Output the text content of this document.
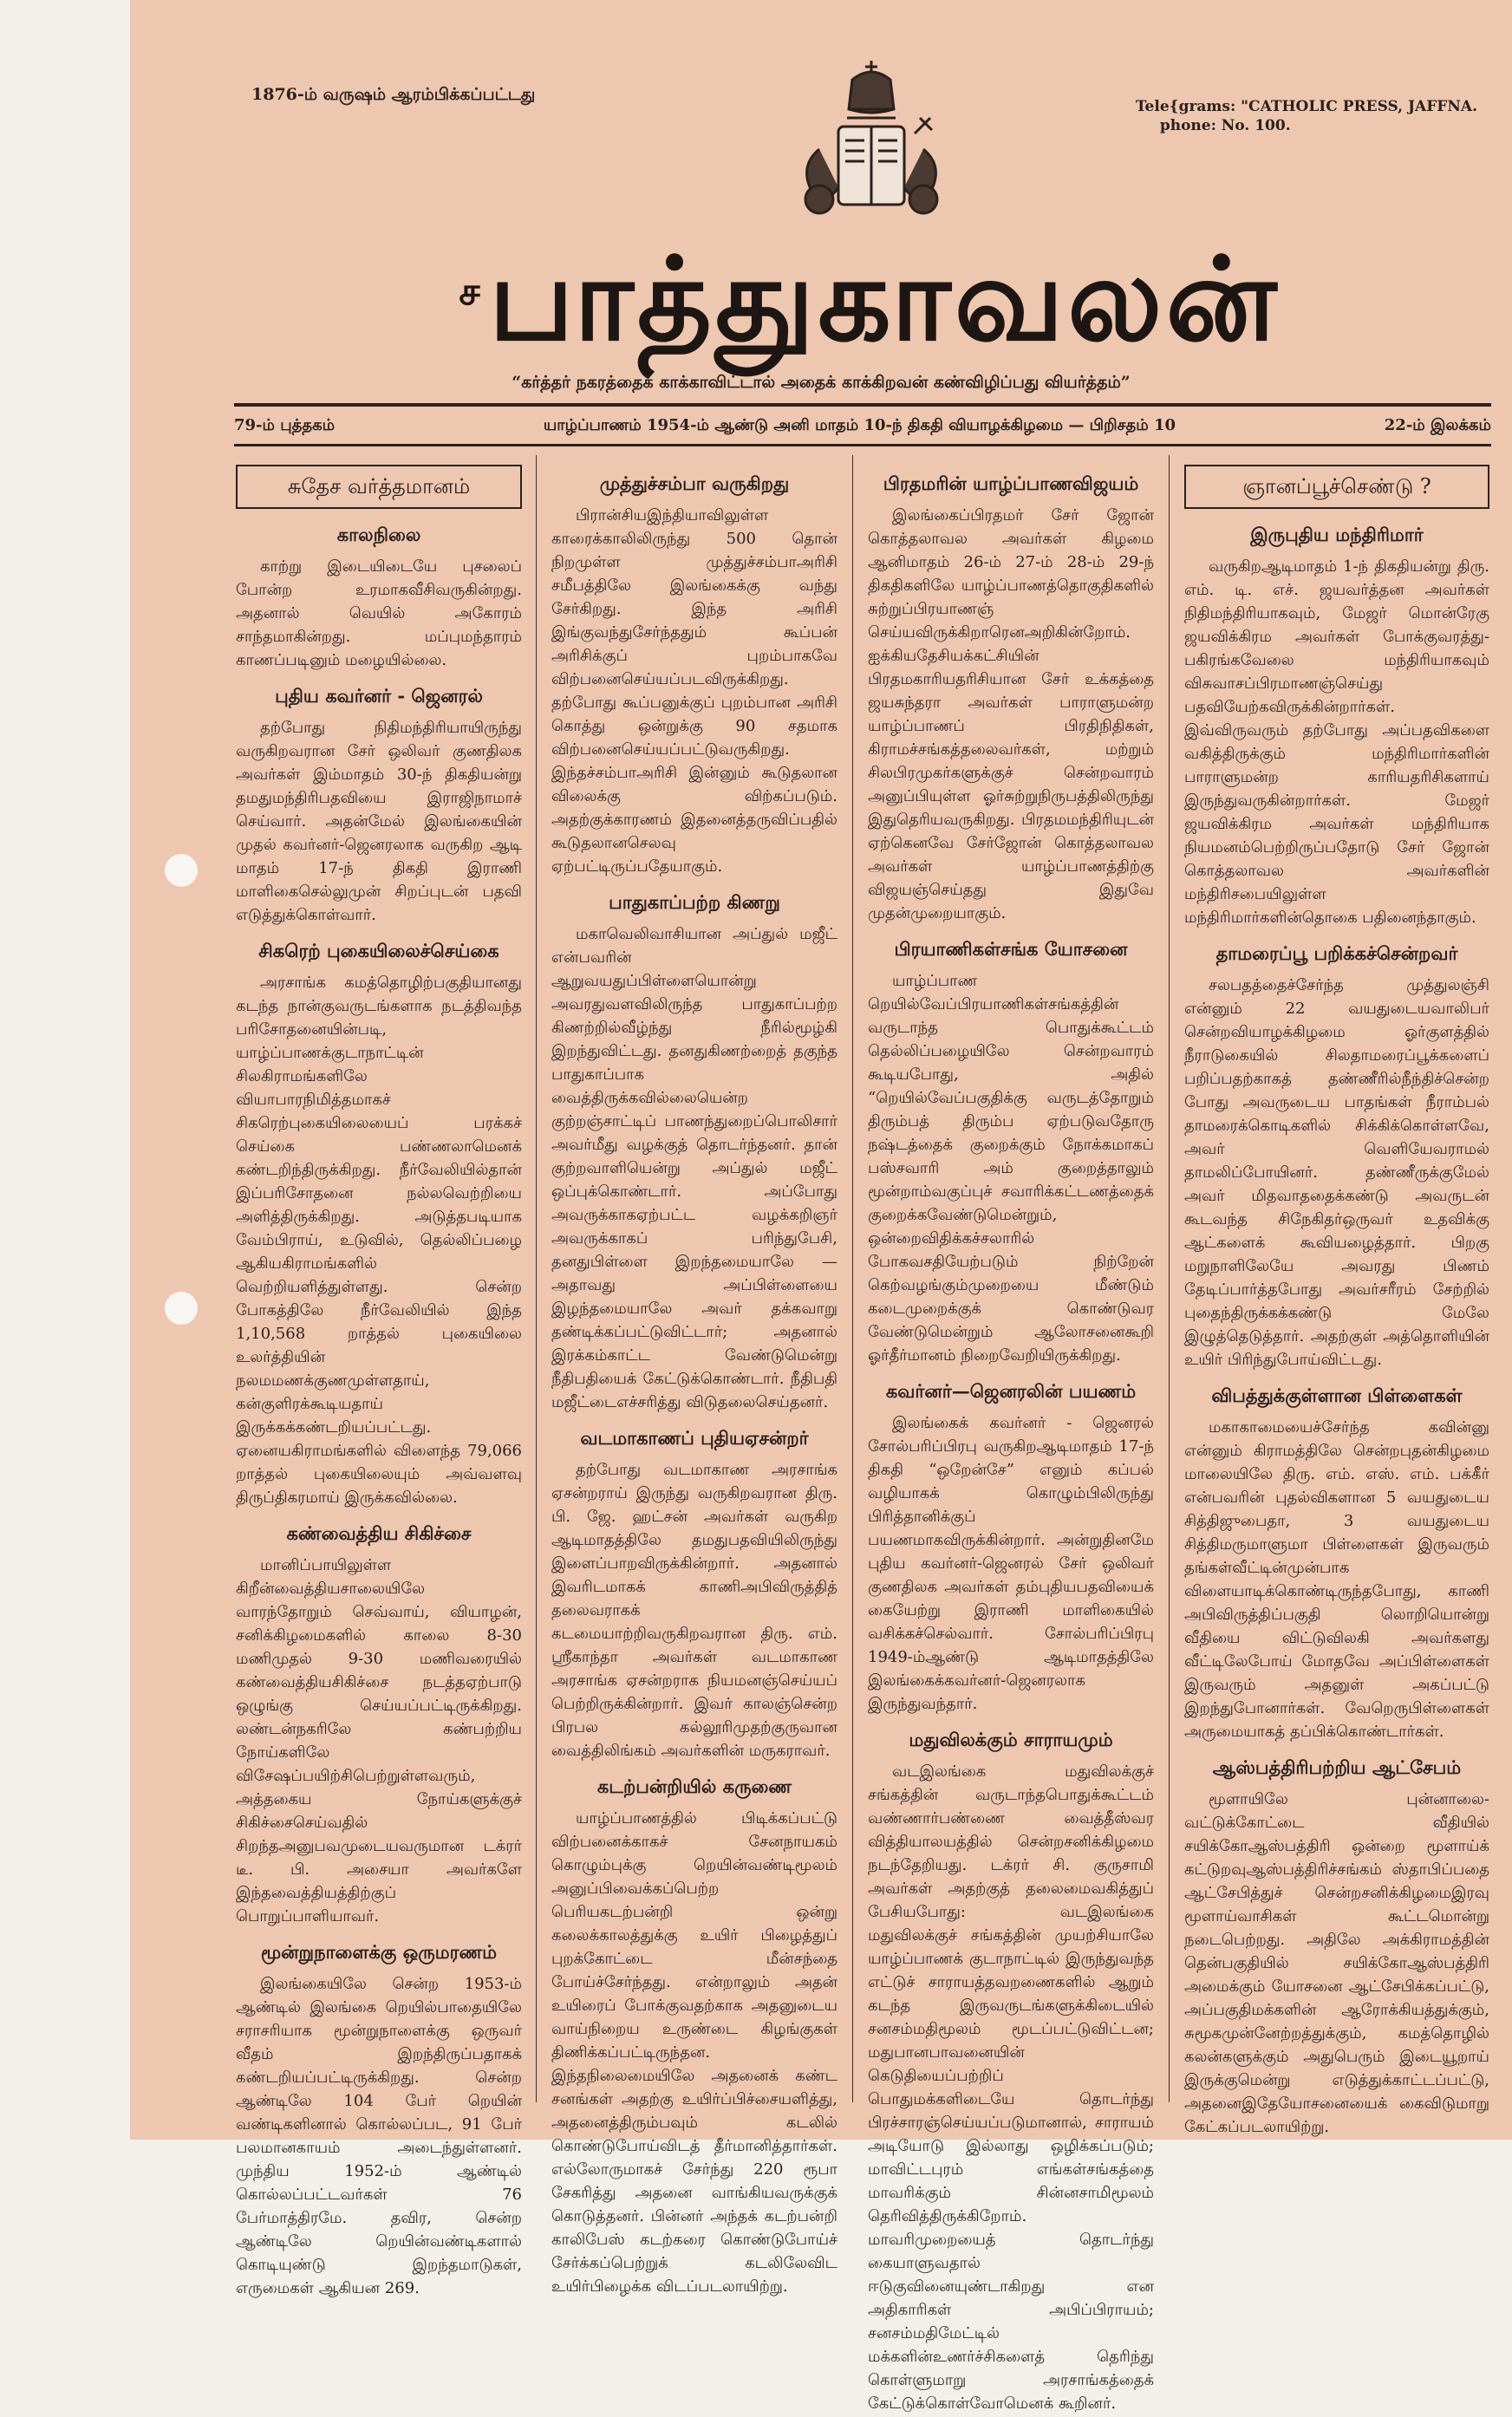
1876-ம் வருஷம் ஆரம்பிக்கப்பட்டது
Tele{grams: "CATHOLIC PRESS, JAFFNA.
phone: No. 100.
ச பாத்துகாவலன்
“கர்த்தர் நகரத்தைக் காக்காவிட்டால் அதைக் காக்கிறவன் கண்விழிப்பது வியர்த்தம்”
79-ம் புத்தகம்	யாழ்ப்பாணம் 1954-ம் ஆண்டு அனி மாதம் 10-ந் திகதி வியாழக்கிழமை — பிறிசதம் 10	22-ம் இலக்கம்
சுதேச வர்த்தமானம்
காலநிலை

காற்று இடையிடையே புசலைப் போன்ற உரமாகவீசிவருகின்றது. அதனால் வெயில் அகோரம் சாந்தமாகின்றது. மப்புமந்தாரம் காணப்படினும் மழையில்லை.

புதிய கவர்னர் - ஜெனரல்

தற்போது நிதிமந்திரியாயிருந்து வருகிறவரான சேர் ஒலிவர் குணதிலக அவர்கள் இம்மாதம் 30-ந் திகதியன்று தமதுமந்திரிபதவியை இராஜிநாமாச் செய்வார். அதன்மேல் இலங்கையின் முதல் கவர்னர்-ஜெனரலாக வருகிற ஆடி மாதம் 17-ந் திகதி இராணி மாளிகைசெல்லுமுன் சிறப்புடன் பதவி எடுத்துக்கொள்வார்.

சிகரெற் புகையிலைச்செய்கை

அரசாங்க கமத்தொழிற்பகுதியானது கடந்த நான்குவருடங்களாக நடத்திவந்த பரிசோதனையின்படி, யாழ்ப்பாணக்குடாநாட்டின் சிலகிராமங்களிலே வியாபாரநிமித்தமாகச் சிகரெற்புகையிலையைப் பரக்கச் செய்கை பண்ணலாமெனக் கண்டறிந்திருக்கிறது. நீர்வேலியில்தான் இப்பரிசோதனை நல்லவெற்றியை அளித்திருக்கிறது. அடுத்தபடியாக வேம்பிராய், உடுவில், தெல்லிப்பழை ஆகியகிராமங்களில் வெற்றியளித்துள்ளது. சென்ற போகத்திலே நீர்வேலியில் இந்த 1,10,568 றாத்தல் புகையிலை உலர்த்தியின் நலமமணக்குணமுள்ளதாய், கன்குளிரக்கூடியதாய் இருக்கக்கண்டறியப்பட்டது. ஏனையகிராமங்களில் விளைந்த 79,066 றாத்தல் புகையிலையும் அவ்வளவு திருப்திகரமாய் இருக்கவில்லை.

கண்வைத்திய சிகிச்சை

மானிப்பாயிலுள்ள கிறீன்வைத்தியசாலையிலே வாரந்தோறும் செவ்வாய், வியாழன், சனிக்கிழமைகளில் காலை 8-30 மணிமுதல் 9-30 மணிவரையில் கண்வைத்தியசிகிச்சை நடத்தஏற்பாடு ஒழுங்கு செய்யப்பட்டிருக்கிறது. லண்டன்நகரிலே கண்பற்றிய நோய்களிலே விசேஷப்பயிற்சிபெற்றுள்ளவரும், அத்தகைய நோய்களுக்குச் சிகிச்சைசெய்வதில் சிறந்தஅனுபவமுடையவருமான டக்ரர் டீ. பி. அசையா அவர்களே இந்தவைத்தியத்திற்குப் பொறுப்பாளியாவர்.

மூன்றுநாளைக்கு ஒருமரணம்

இலங்கையிலே சென்ற 1953-ம் ஆண்டில் இலங்கை றெயில்பாதையிலே சராசரியாக மூன்றுநாளைக்கு ஒருவர் வீதம் இறந்திருப்பதாகக் கண்டறியப்பட்டிருக்கிறது. சென்ற ஆண்டிலே 104 பேர் றெயின் வண்டிகளினால் கொல்லப்பட, 91 பேர் பலமானகாயம் அடைந்துள்ளனர். முந்திய 1952-ம் ஆண்டில் கொல்லப்பட்டவர்கள் 76 பேர்மாத்திரமே. தவிர, சென்ற ஆண்டிலே றெயின்வண்டிகளால் கொடியுண்டு இறந்தமாடுகள், எருமைகள் ஆகியன 269.

முத்துச்சம்பா வருகிறது

பிரான்சியஇந்தியாவிலுள்ள காரைக்காலிலிருந்து 500 தொன் நிறமுள்ள முத்துச்சம்பாஅரிசி சமீபத்திலே இலங்கைக்கு வந்து சேர்கிறது. இந்த அரிசி இங்குவந்துசேர்ந்ததும் கூப்பன் அரிசிக்குப் புறம்பாகவே விற்பனைசெய்யப்படவிருக்கிறது. தற்போது கூப்பனுக்குப் புறம்பான அரிசி கொத்து ஒன்றுக்கு 90 சதமாக விற்பனைசெய்யப்பட்டுவருகிறது. இந்தச்சம்பாஅரிசி இன்னும் கூடுதலான விலைக்கு விற்கப்படும். அதற்குக்காரணம் இதனைத்தருவிப்பதில் கூடுதலானசெலவு ஏற்பட்டிருப்பதேயாகும்.

பாதுகாப்பற்ற கிணறு

மகாவெலிவாசியான அப்துல் மஜீட் என்பவரின் ஆறுவயதுப்பிள்ளையொன்று அவரதுவளவிலிருந்த பாதுகாப்பற்ற கிணற்றில்வீழ்ந்து நீரில்மூழ்கி இறந்துவிட்டது. தனதுகிணற்றைத் தகுந்த பாதுகாப்பாக வைத்திருக்கவில்லையென்ற குற்றஞ்சாட்டிப் பாணந்துறைப்பொலிசார் அவர்மீது வழக்குத் தொடர்ந்தனர். தான் குற்றவாளியென்று அப்துல் மஜீட் ஒப்புக்கொண்டார். அப்போது அவருக்காகஏற்பட்ட வழக்கறிஞர் அவருக்காகப் பரிந்துபேசி, தனதுபிள்ளை இறந்தமையாலே — அதாவது அப்பிள்ளையை இழந்தமையாலே அவர் தக்கவாறு தண்டிக்கப்பட்டுவிட்டார்; அதனால் இரக்கம்காட்ட வேண்டுமென்று நீதிபதியைக் கேட்டுக்கொண்டார். நீதிபதி மஜீட்டைஎச்சரித்து விடுதலைசெய்தனர்.

வடமாகாணப் புதியஏசன்றர்

தற்போது வடமாகாண அரசாங்க ஏசன்றராய் இருந்து வருகிறவரான திரு. பி. ஜே. ஹட்சன் அவர்கள் வருகிற ஆடிமாதத்திலே தமதுபதவியிலிருந்து இளைப்பாறவிருக்கின்றார். அதனால் இவரிடமாகக் காணிஅபிவிருத்தித் தலைவராகக் கடமையாற்றிவருகிறவரான திரு. எம். ஸ்ரீகாந்தா அவர்கள் வடமாகாண அரசாங்க ஏசன்றராக நியமனஞ்செய்யப் பெற்றிருக்கின்றார். இவர் காலஞ்சென்ற பிரபல கல்லூரிமுதற்குருவான வைத்திலிங்கம் அவர்களின் மருகராவர்.

கடற்பன்றியில் கருணை

யாழ்ப்பாணத்தில் பிடிக்கப்பட்டு விற்பனைக்காகச் சேனநாயகம் கொழும்புக்கு றெயின்வண்டிமூலம் அனுப்பிவைக்கப்பெற்ற பெரியகடற்பன்றி ஒன்று கலைக்காலத்துக்கு உயிர் பிழைத்துப் புறக்கோட்டை மீன்சந்தை போய்ச்சேர்ந்தது. என்றாலும் அதன் உயிரைப் போக்குவதற்காக அதனுடைய வாய்நிறைய உருண்டை கிழங்குகள் திணிக்கப்பட்டிருந்தன. இந்தநிலைமையிலே அதனைக் கண்ட சனங்கள் அதற்கு உயிர்ப்பிச்சையளித்து, அதனைத்திரும்பவும் கடலில் கொண்டுபோய்விடத் தீர்மானித்தார்கள். எல்லோருமாகச் சேர்ந்து 220 ரூபா சேகரித்து அதனை வாங்கியவருக்குக் கொடுத்தனர். பின்னர் அந்தக் கடற்பன்றி காலிபேஸ் கடற்கரை கொண்டுபோய்ச் சேர்க்கப்பெற்றுக் கடலிலேவிட உயிர்பிழைக்க விடப்படலாயிற்று.

பிரதமரின் யாழ்ப்பாணவிஜயம்

இலங்கைப்பிரதமர் சேர் ஜோன் கொத்தலாவல அவர்கள் கிழமை ஆனிமாதம் 26-ம் 27-ம் 28-ம் 29-ந் திகதிகளிலே யாழ்ப்பாணத்தொகுதிகளில் சுற்றுப்பிரயாணஞ் செய்யவிருக்கிறாரெனஅறிகின்றோம். ஐக்கியதேசியக்கட்சியின் பிரதமகாரியதரிசியான சேர் உக்கத்தை ஜயசுந்தரா அவர்கள் பாராளுமன்ற யாழ்ப்பாணப் பிரதிநிதிகள், கிராமச்சங்கத்தலைவர்கள், மற்றும் சிலபிரமுகர்களுக்குச் சென்றவாரம் அனுப்பியுள்ள ஓர்சுற்றுநிருபத்திலிருந்து இதுதெரியவருகிறது. பிரதமமந்திரியுடன் ஏற்கெனவே சேர்ஜோன் கொத்தலாவல அவர்கள் யாழ்ப்பாணத்திற்கு விஜயஞ்செய்தது இதுவே முதன்முறையாகும்.

பிரயாணிகள்சங்க யோசனை

யாழ்ப்பாண றெயில்வேப்பிரயாணிகள்சங்கத்தின் வருடாந்த பொதுக்கூட்டம் தெல்லிப்பழையிலே சென்றவாரம் கூடியபோது, அதில் “றெயில்வேப்பகுதிக்கு வருடத்தோறும் திரும்பத் திரும்ப ஏற்படுவதோரு நஷ்டத்தைக் குறைக்கும் நோக்கமாகப் பஸ்சவாரி அம் குறைத்தாலும் மூன்றாம்வகுப்புச் சவாரிக்கட்டணத்தைக் குறைக்கவேண்டுமென்றும், ஒன்றைவிதிக்கச்சலாரில் போகவசதியேற்படும் நிற்றேன் கெற்வழங்கும்முறையை மீண்டும் கடைமுறைக்குக் கொண்டுவர வேண்டுமென்றும் ஆலோசனைகூறி ஓர்தீர்மானம் நிறைவேறியிருக்கிறது.

கவர்னர்—ஜெனரலின் பயணம்

இலங்கைக் கவர்னர் - ஜெனரல் சோல்பரிப்பிரபு வருகிறஆடிமாதம் 17-ந் திகதி “ஒறேன்சே” எனும் கப்பல் வழியாகக் கொழும்பிலிருந்து பிரித்தானிக்குப் பயணமாகவிருக்கின்றார். அன்றுதினமே புதிய கவர்னர்-ஜெனரல் சேர் ஒலிவர் குணதிலக அவர்கள் தம்புதியபதவியைக் கையேற்று இராணி மாளிகையில் வசிக்கச்செல்வார். சோல்பரிப்பிரபு 1949-ம்ஆண்டு ஆடிமாதத்திலே இலங்கைக்கவர்னர்-ஜெனரலாக இருந்துவந்தார்.

மதுவிலக்கும் சாராயமும்

வடஇலங்கை மதுவிலக்குச் சங்கத்தின் வருடாந்தபொதுக்கூட்டம் வண்ணார்பண்ணை வைத்தீஸ்வர வித்தியாலயத்தில் சென்றசனிக்கிழமை நடந்தேறியது. டக்ரர் சி. குருசாமி அவர்கள் அதற்குத் தலைமைவகித்துப் பேசியபோது: வடஇலங்கை மதுவிலக்குச் சங்கத்தின் முயற்சியாலே யாழ்ப்பாணக் குடாநாட்டில் இருந்துவந்த எட்டுச் சாராயத்தவறணைகளில் ஆறும் கடந்த இருவருடங்களுக்கிடையில் சனசம்மதிமூலம் மூடப்பட்டுவிட்டன; மதுபானபாவனையின் கெடுதியைப்பற்றிப் பொதுமக்களிடையே தொடர்ந்து பிரச்சாரஞ்செய்யப்படுமானால், சாராயம் அடியோடு இல்லாது ஒழிக்கப்படும்; மாவிட்டபுரம் எங்கள்சங்கத்தை மாவரிக்கும் சின்னசாமிமூலம் தெரிவித்திருக்கிறோம். மாவரிமுறையைத் தொடர்ந்து கையாளுவதால் ஈடுகுவினையுண்டாகிறது என அதிகாரிகள் அபிப்பிராயம்; சனசம்மதிமேட்டில் மக்களின்உணர்ச்சிகளைத் தெரிந்து கொள்ளுமாறு அரசாங்கத்தைக் கேட்டுக்கொள்வோமெனக் கூறினர்.

ஞானப்பூச்செண்டு ?
இருபுதிய மந்திரிமார்

வருகிறஆடிமாதம் 1-ந் திகதியன்று திரு. எம். டி. எச். ஜயவர்த்தன அவர்கள் நிதிமந்திரியாகவும், மேஜர் மொன்ரேகு ஜயவிக்கிரம அவர்கள் போக்குவரத்து-பகிரங்கவேலை மந்திரியாகவும் விசுவாசப்பிரமாணஞ்செய்து பதவியேற்கவிருக்கின்றார்கள். இவ்விருவரும் தற்போது அப்பதவிகளை வகித்திருக்கும் மந்திரிமார்களின் பாராளுமன்ற காரியதரிசிகளாய் இருந்துவருகின்றார்கள். மேஜர் ஜயவிக்கிரம அவர்கள் மந்திரியாக நியமனம்பெற்றிருப்பதோடு சேர் ஜோன் கொத்தலாவல அவர்களின் மந்திரிசபையிலுள்ள மந்திரிமார்களின்தொகை பதினைந்தாகும்.

தாமரைப்பூ பறிக்கச்சென்றவர்

சலபதத்தைச்சேர்ந்த முத்துலஞ்சி என்னும் 22 வயதுடையவாலிபர் சென்றவியாழக்கிழமை ஓர்குளத்தில் நீராடுகையில் சிலதாமரைப்பூக்களைப் பறிப்பதற்காகத் தண்ணீரில்நீந்திச்சென்ற போது அவருடைய பாதங்கள் நீராம்பல் தாமரைக்கொடிகளில் சிக்கிக்கொள்ளவே, அவர் வெளியேவராமல் தாமலிப்போயினர். தண்ணீருக்குமேல் அவர் மிதவாததைக்கண்டு அவருடன் கூடவந்த சிநேகிதர்ஒருவர் உதவிக்கு ஆட்களைக் கூவியழைத்தார். பிறகு மறுநாளிலேயே அவரது பிணம் தேடிப்பார்த்தபோது அவர்சரீரம் சேற்றில் புதைந்திருக்கக்கண்டு மேலே இழுத்தெடுத்தார். அதற்குள் அத்தொளியின் உயிர் பிரிந்துபோய்விட்டது.

விபத்துக்குள்ளான பிள்ளைகள்

மகாகாமையைச்சேர்ந்த கவின்னு என்னும் கிராமத்திலே சென்றபுதன்கிழமை மாலையிலே திரு. எம். எஸ். எம். பக்கீர் என்பவரின் புதல்விகளான 5 வயதுடைய சித்திஜுபைதா, 3 வயதுடைய சித்திமருமாளுமா பிள்ளைகள் இருவரும் தங்கள்வீட்டின்முன்பாக விளையாடிக்கொண்டிருந்தபோது, காணி அபிவிருத்திப்பகுதி லொறியொன்று வீதியை விட்டுவிலகி அவர்களது வீட்டிலேபோய் மோதவே அப்பிள்ளைகள் இருவரும் அதனுள் அகப்பட்டு இறந்துபோனார்கள். வேறெருபிள்ளைகள் அருமையாகத் தப்பிக்கொண்டார்கள்.

ஆஸ்பத்திரிபற்றிய ஆட்சேபம்

மூளாயிலே புன்னாலை-வட்டுக்கோட்டை வீதியில் சயிக்கோஆஸ்பத்திரி ஒன்றை மூளாய்க் கட்டுறவுஆஸ்பத்திரிச்சங்கம் ஸ்தாபிப்பதை ஆட்சேபித்துச் சென்றசனிக்கிழமைஇரவு மூளாய்வாசிகள் கூட்டமொன்று நடைபெற்றது. அதிலே அக்கிராமத்தின் தென்பகுதியில் சயிக்கோஆஸ்பத்திரி அமைக்கும் யோசனை ஆட்சேபிக்கப்பட்டு, அப்பகுதிமக்களின் ஆரோக்கியத்துக்கும், சுமூகமுன்னேற்றத்துக்கும், கமத்தொழில் கலன்களுக்கும் அதுபெரும் இடையூறாய் இருக்குமென்று எடுத்துக்காட்டப்பட்டு, அதனைஇதேயோசனையைக் கைவிடுமாறு கேட்கப்படலாயிற்று.
